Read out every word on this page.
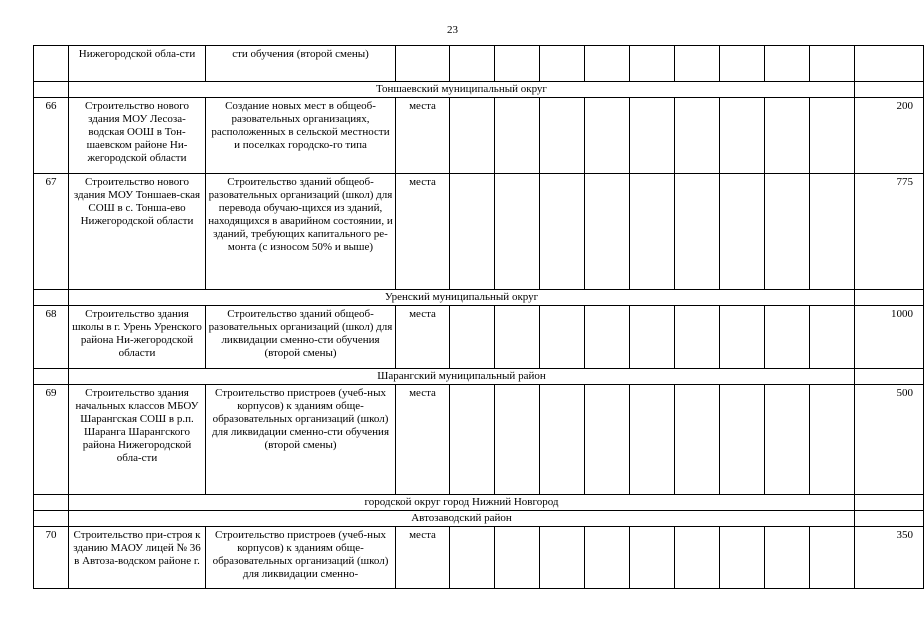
23
	Нижегородской обла-сти	сти обучения (второй смены)											
	Тоншаевский муниципальный округ												
66	Строительство нового здания МОУ Лесоза-водская ООШ в Тон-шаевском районе Ни-жегородской области	Создание новых мест в общеоб-разовательных организациях, расположенных в сельской местности и поселках городско-го типа	места										200
67	Строительство нового здания МОУ Тоншаев-ская СОШ в с. Тонша-ево Нижегородской области	Строительство зданий общеоб-разовательных организаций (школ) для перевода обучаю-щихся из зданий, находящихся в аварийном состоянии, и зданий, требующих капитального ре-монта (с износом 50% и выше)	места										775
	Уренский муниципальный округ												
68	Строительство здания школы в г. Урень Уренского района Ни-жегородской области	Строительство зданий общеоб-разовательных организаций (школ) для ликвидации сменно-сти обучения (второй смены)	места										1000
	Шарангский муниципальный район												
69	Строительство здания начальных классов МБОУ Шарангская СОШ в р.п. Шаранга Шарангского района Нижегородской обла-сти	Строительство пристроев (учеб-ных корпусов) к зданиям обще-образовательных организаций (школ) для ликвидации сменно-сти обучения (второй смены)	места										500
	городской округ город Нижний Новгород												
	Автозаводский район												
70	Строительство при-строя к зданию МАОУ лицей № 36 в Автоза-водском районе г.	Строительство пристроев (учеб-ных корпусов) к зданиям обще-образовательных организаций (школ) для ликвидации сменно-	места										350
